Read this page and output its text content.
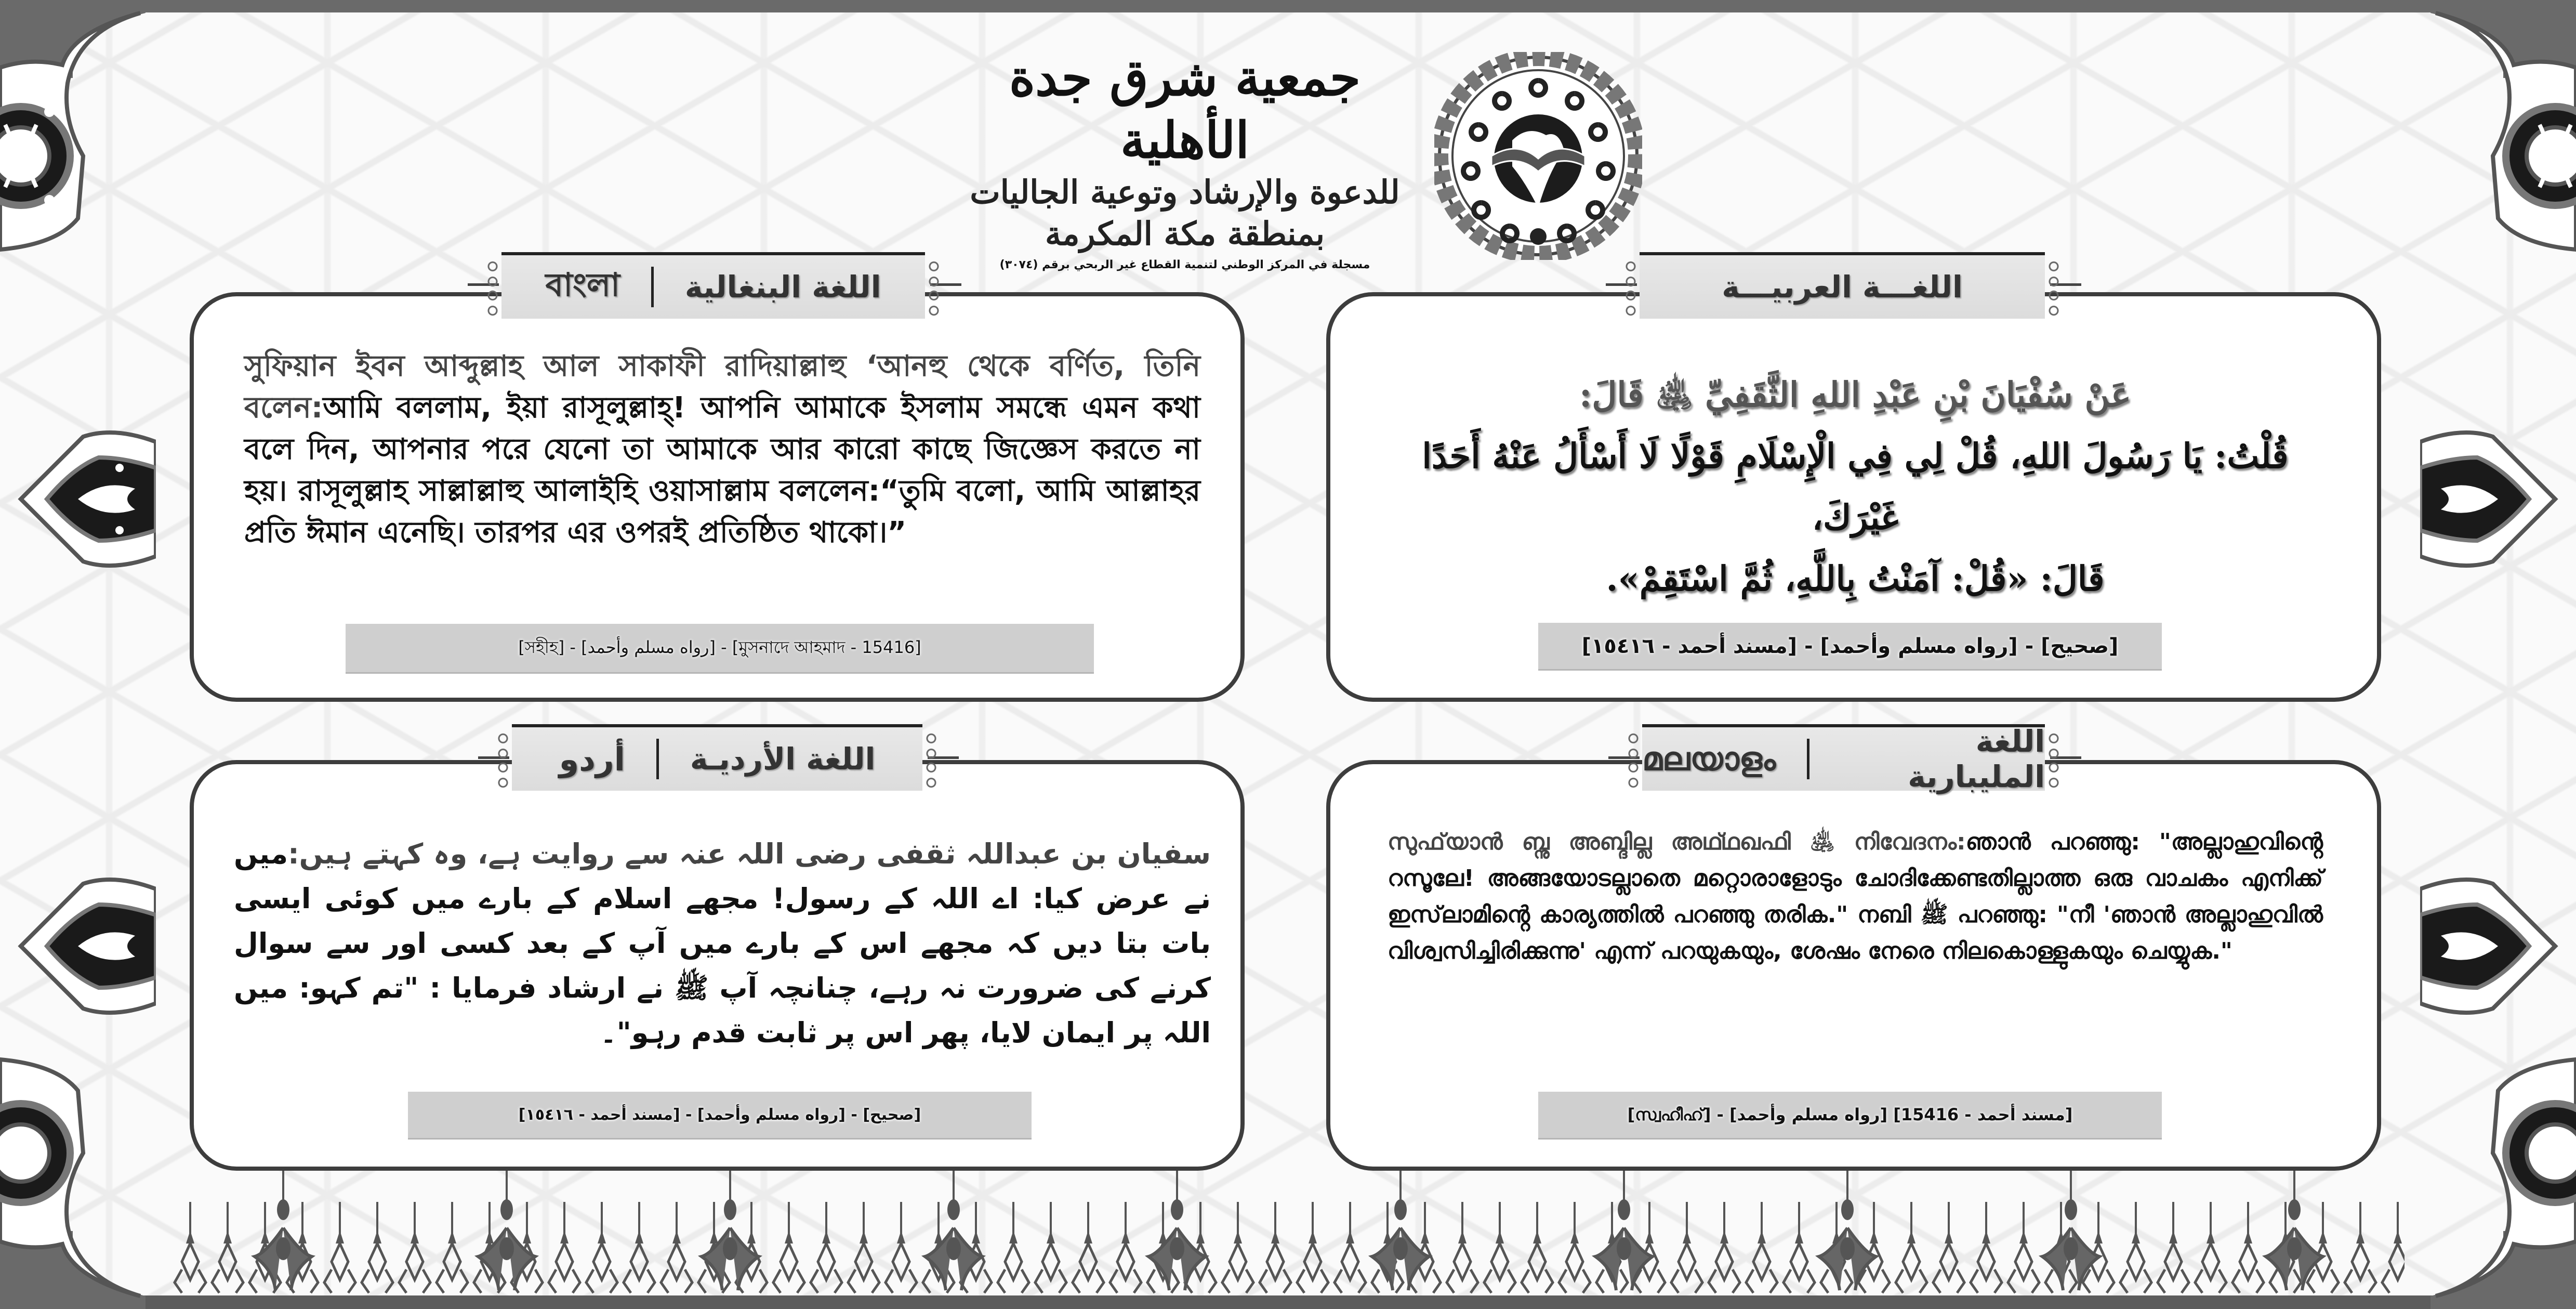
جمعية شرق جدة الأهلية
للدعوة والإرشاد وتوعية الجاليات
بمنطقة مكة المكرمة
مسجلة في المركز الوطني لتنمية القطاع غير الربحي برقم (٣٠٧٤)
বাংলা اللغة البنغالية	اللغـــة العربيـــة
أردو اللغة الأرديـة	മലയാളം	اللغة المليبارية
সুফিয়ান ইবন আব্দুল্লাহ আল সাকাফী রাদিয়াল্লাহু ‘আনহু থেকে বর্ণিত, তিনি বলেন:আমি বললাম, ইয়া রাসূলুল্লাহ্! আপনি আমাকে ইসলাম সমন্ধে এমন কথা বলে দিন, আপনার পরে যেনো তা আমাকে আর কারো কাছে জিজ্ঞেস করতে না হয়। রাসূলুল্লাহ সাল্লাল্লাহু আলাইহি ওয়াসাল্লাম বললেন:“তুমি বলো, আমি আল্লাহর প্রতি ঈমান এনেছি। তারপর এর ওপরই প্রতিষ্ঠিত থাকো।”
[সহীহ] - [رواه مسلم وأحمد] - [মুসনাদে আহমাদ - 15416]
عَنْ سُفْيَانَ بْنِ عَبْدِ اللهِ الثَّقَفِيِّ ﵁ قَالَ:
قُلْتُ: يَا رَسُولَ اللهِ، قُلْ لِي فِي الْإِسْلَامِ قَوْلًا لَا أَسْأَلُ عَنْهُ أَحَدًا غَيْرَكَ،
قَالَ: «قُلْ: آمَنْتُ بِاللَّهِ، ثُمَّ اسْتَقِمْ».
[صحيح] - [رواه مسلم وأحمد] - [مسند أحمد - ١٥٤١٦]
سفیان بن عبداللہ ثقفی رضی اللہ عنہ سے روایت ہے، وہ کہتے ہیں:میں نے عرض کیا: اے اللہ کے رسول! مجھے اسلام کے بارے میں کوئی ایسی بات بتا دیں کہ مجھے اس کے بارے میں آپ کے بعد کسی اور سے سوال کرنے کی ضرورت نہ رہے، چنانچہ آپ ﷺ نے ارشاد فرمایا : "تم کہو: میں اللہ پر ایمان لایا، پھر اس پر ثابت قدم رہو"۔
[صحيح] - [رواه مسلم وأحمد] - [مسند أحمد - ١٥٤١٦]
സുഫ്‌യാൻ ബ്നു അബ്ദില്ല അഥ്ഥഖഫി ﵁ നിവേദനം:ഞാൻ പറഞ്ഞു: "അല്ലാഹുവിൻ്റെ റസൂലേ! അങ്ങയോടല്ലാതെ മറ്റൊരാളോടും ചോദിക്കേണ്ടതില്ലാത്ത ഒരു വാചകം എനിക്ക് ഇസ്‌ലാമിൻ്റെ കാര്യത്തിൽ പറഞ്ഞു തരിക." നബി ﷺ പറഞ്ഞു: "നീ 'ഞാൻ അല്ലാഹുവിൽ വിശ്വസിച്ചിരിക്കുന്നു' എന്ന് പറയുകയും, ശേഷം നേരെ നിലകൊള്ളുകയും ചെയ്യുക."
[സ്വഹീഹ്] - [رواه مسلم وأحمد] [مسند أحمد - 15416]
